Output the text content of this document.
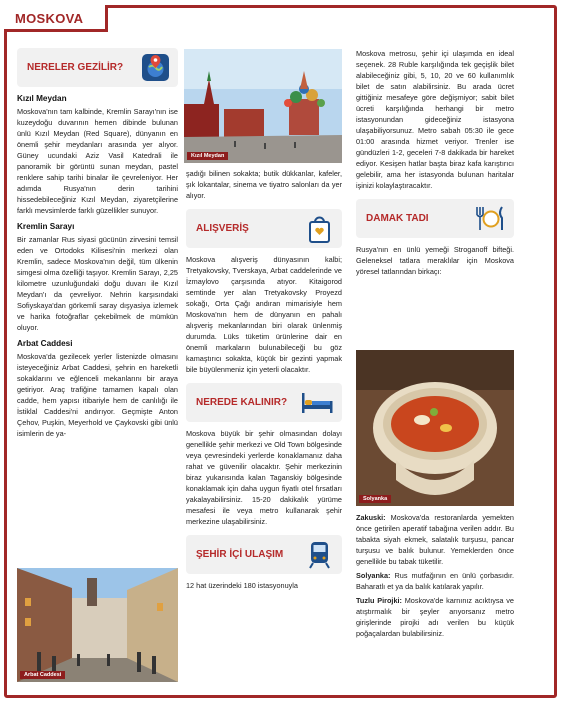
MOSKOVA
NERELER GEZİLİR?
Kızıl Meydan

Moskova'nın tam kalbinde, Kremlin Sarayı'nın ise kuzeydoğu duvarının hemen dibinde bulunan ünlü Kızıl Meydan (Red Square), dünyanın en önemli şehir meydanları arasında yer alıyor. Güney ucundaki Aziz Vasil Katedrali ile panoramik bir görüntü sunan meydan, pastel renklere sahip tarihi binalar ile çevreleniyor. Her adımda Rusya'nın derin tarihini hissedebileceğiniz Kızıl Meydan, ziyaretçilerine farklı mevsimlerde farklı güzellikler sunuyor.

Kremlin Sarayı

Bir zamanlar Rus siyasi gücünün zirvesini temsil eden ve Ortodoks Kilisesi'nin merkezi olan Kremlin, sadece Moskova'nın değil, tüm ülkenin simgesi olma özelliği taşıyor. Kremlin Sarayı, 2,25 kilometre uzunluğundaki doğu duvarı ile Kızıl Meydan'ı da çevreliyor. Nehrin karşısındaki Sofiyskaya'dan görkemli saray dışyasiya izlemek ve harika fotoğraflar çekebilmek de mümkün oluyor.

Arbat Caddesi

Moskova'da gezilecek yerler listenizde olmasını isteyeceğiniz Arbat Caddesi, şehrin en hareketli sokaklarını ve eğlenceli mekanlarını bir araya getiriyor. Araç trafiğine tamamen kapalı olan cadde, hem yapısı itibariyle hem de canlılığı ile İstiklal Caddesi'ni andırıyor. Geçmişte Anton Çehov, Puşkin, Meyerhold ve Çaykovski gibi ünlü isimlerin de ya-

Arbat Caddesi
Kızıl Meydan

şadığı bilinen sokakta; butik dükkanlar, kafeler, şık lokantalar, sinema ve tiyatro salonları da yer alıyor.

ALIŞVERİŞ

Moskova alışveriş dünyasının kalbi; Tretyakovsky, Tverskaya, Arbat caddelerinde ve İzmaylovo çarşısında atıyor. Kitaigorod semtinde yer alan Tretyakovsky Proyezd sokağı, Orta Çağı andıran mimarisiyle hem Moskova'nın hem de dünyanın en pahalı alışveriş mekanlarından biri olarak ünlenmiş durumda. Lüks tüketim ürünlerine dair en önemli markaların bulunabileceği bu göz kamaştırıcı sokakta, küçük bir gezinti yapmak bile büyülenmeniz için yeterli olacaktır.

NEREDE KALINIR?

Moskova büyük bir şehir olmasından dolayı genellikle şehir merkezi ve Old Town bölgesinde veya çevresindeki yerlerde konaklamanız daha rahat ve güvenilir olacaktır. Şehir merkezinin biraz yukarısında kalan Taganskiy bölgesinde konaklamak için daha uygun fiyatlı otel fırsatları yakalayabilirsiniz. 15-20 dakikalık yürüme mesafesi ile veya metro kullanarak şehir merkezine ulaşabilirsiniz.

ŞEHİR İÇİ ULAŞIM

12 hat üzerindeki 180 istasyonuyla

Moskova metrosu, şehir içi ulaşımda en ideal seçenek. 28 Ruble karşılığında tek geçişlik bilet alabileceğiniz gibi, 5, 10, 20 ve 60 kullanımlık bilet de satın alabilirsiniz. Bu arada ücret gittiğiniz mesafeye göre değişmiyor; sabit bilet ücreti karşılığında herhangi bir metro istasyonundan gideceğiniz istasyona ulaşabiliyorsunuz. Metro sabah 05:30 ile gece 01:00 arasında hizmet veriyor. Trenler ise gündüzleri 1-2, geceleri 7-8 dakikada bir hareket ediyor. Kesişen hatlar başta biraz kafa karıştırıcı gelebilir, ama her istasyonda bulunan haritalar işinizi kolaylaştıracaktır.

DAMAK TADI

Rusya'nın en ünlü yemeği Stroganoff bifteği. Geleneksel tatlara meraklılar için Moskova yöresel tatlarından birkaçı:

Solyanka

Zakuski: Moskova'da restoranlarda yemekten önce getirilen aperatif tabağına verilen addır. Bu tabakta siyah ekmek, salatalık turşusu, pancar turşusu ve balık bulunur. Yemeklerden önce genellikle bu tabak tüketilir.

Solyanka: Rus mutfağının en ünlü çorbasıdır. Baharatlı et ya da balık katılarak yapılır.

Tuzlu Pirojki: Moskova'de karnınız acıktıysa ve atıştırmalık bir şeyler arıyorsanız metro girişlerinde pirojki adı verilen bu küçük poğaçalardan bulabilirsiniz.
